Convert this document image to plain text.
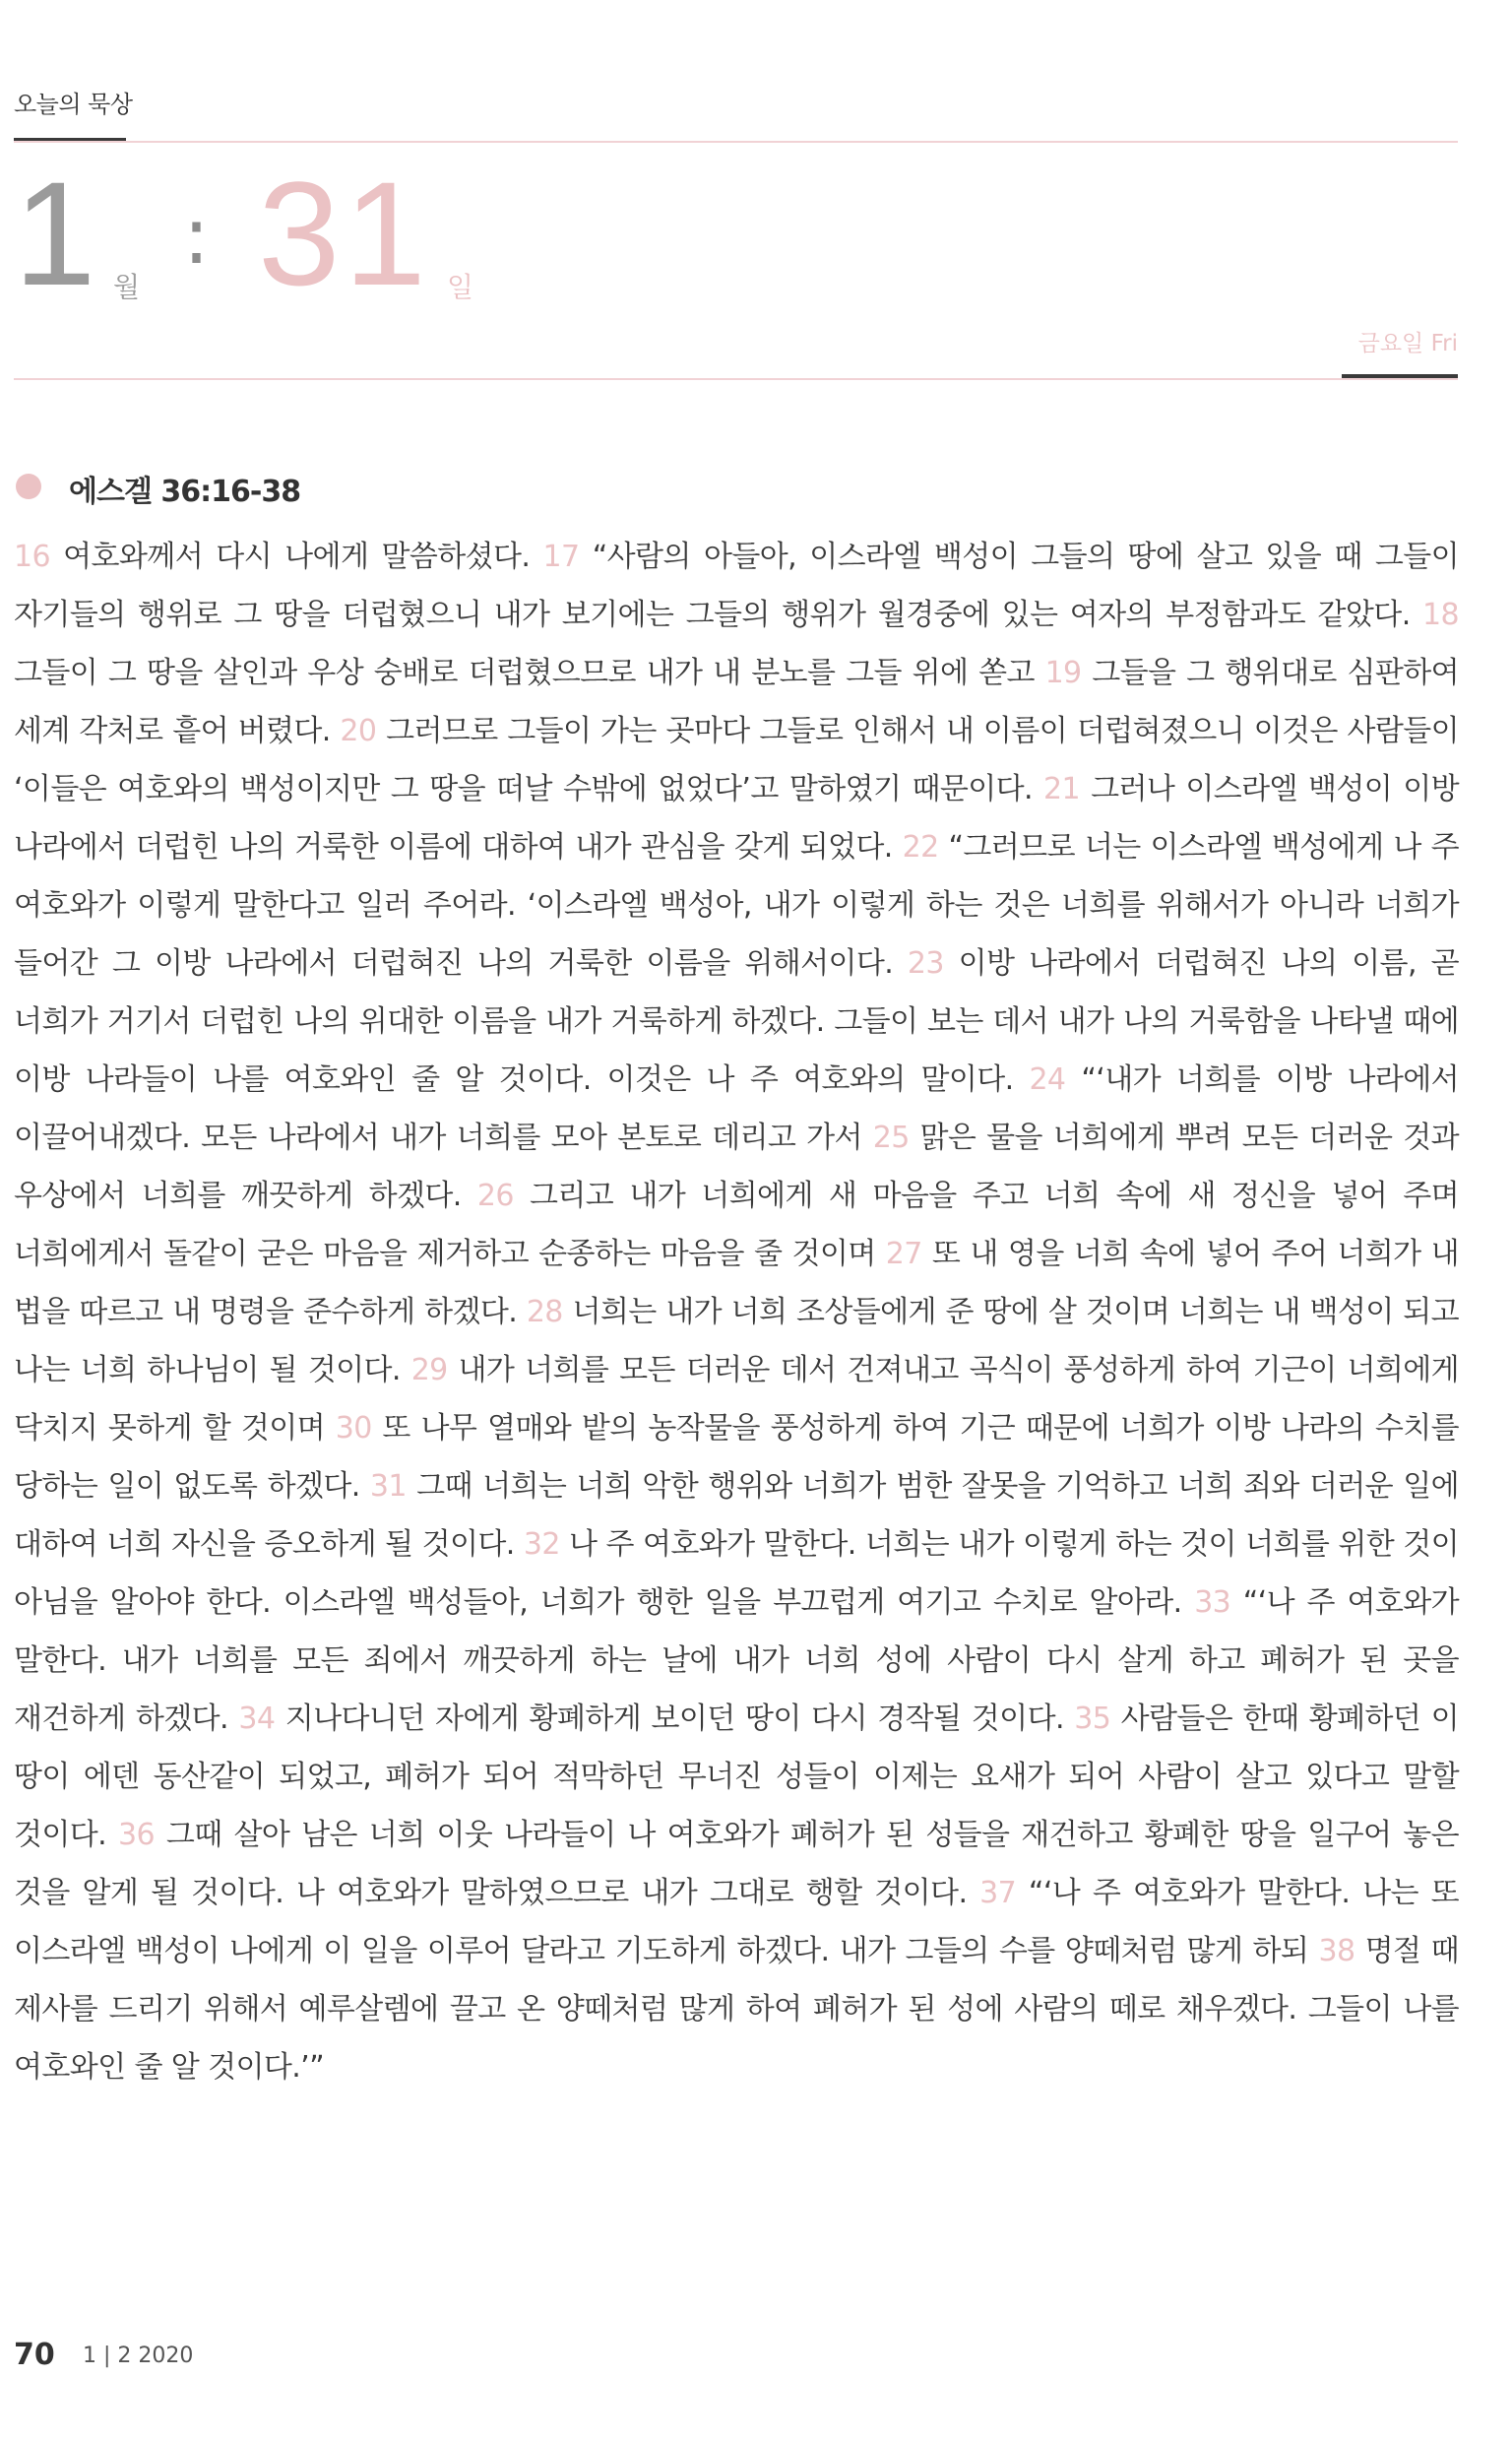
오늘의 묵상
1 월
: 31 일
금요일 Fri
에스겔 36:16-38
16 여호와께서 다시 나에게 말씀하셨다. 17 “사람의 아들아, 이스라엘 백성이 그들의 땅에 살고 있을 때 그들이 자기들의 행위로 그 땅을 더럽혔으니 내가 보기에는 그들의 행위가 월경중에 있는 여자의 부정함과도 같았다. 18 그들이 그 땅을 살인과 우상 숭배로 더럽혔으므로 내가 내 분노를 그들 위에 쏟고 19 그들을 그 행위대로 심판하여 세계 각처로 흩어 버렸다. 20 그러므로 그들이 가는 곳마다 그들로 인해서 내 이름이 더럽혀졌으니 이것은 사람들이 ‘이들은 여호와의 백성이지만 그 땅을 떠날 수밖에 없었다’고 말하였기 때문이다. 21 그러나 이스라엘 백성이 이방 나라에서 더럽힌 나의 거룩한 이름에 대하여 내가 관심을 갖게 되었다. 22 “그러므로 너는 이스라엘 백성에게 나 주 여호와가 이렇게 말한다고 일러 주어라. ‘이스라엘 백성아, 내가 이렇게 하는 것은 너희를 위해서가 아니라 너희가 들어간 그 이방 나라에서 더럽혀진 나의 거룩한 이름을 위해서이다. 23 이방 나라에서 더럽혀진 나의 이름, 곧 너희가 거기서 더럽힌 나의 위대한 이름을 내가 거룩하게 하겠다. 그들이 보는 데서 내가 나의 거룩함을 나타낼 때에 이방 나라들이 나를 여호와인 줄 알 것이다. 이것은 나 주 여호와의 말이다. 24 “‘내가 너희를 이방 나라에서 이끌어내겠다. 모든 나라에서 내가 너희를 모아 본토로 데리고 가서 25 맑은 물을 너희에게 뿌려 모든 더러운 것과 우상에서 너희를 깨끗하게 하겠다. 26 그리고 내가 너희에게 새 마음을 주고 너희 속에 새 정신을 넣어 주며 너희에게서 돌같이 굳은 마음을 제거하고 순종하는 마음을 줄 것이며 27 또 내 영을 너희 속에 넣어 주어 너희가 내 법을 따르고 내 명령을 준수하게 하겠다. 28 너희는 내가 너희 조상들에게 준 땅에 살 것이며 너희는 내 백성이 되고 나는 너희 하나님이 될 것이다. 29 내가 너희를 모든 더러운 데서 건져내고 곡식이 풍성하게 하여 기근이 너희에게 닥치지 못하게 할 것이며 30 또 나무 열매와 밭의 농작물을 풍성하게 하여 기근 때문에 너희가 이방 나라의 수치를 당하는 일이 없도록 하겠다. 31 그때 너희는 너희 악한 행위와 너희가 범한 잘못을 기억하고 너희 죄와 더러운 일에 대하여 너희 자신을 증오하게 될 것이다. 32 나 주 여호와가 말한다. 너희는 내가 이렇게 하는 것이 너희를 위한 것이 아님을 알아야 한다. 이스라엘 백성들아, 너희가 행한 일을 부끄럽게 여기고 수치로 알아라. 33 “‘나 주 여호와가 말한다. 내가 너희를 모든 죄에서 깨끗하게 하는 날에 내가 너희 성에 사람이 다시 살게 하고 폐허가 된 곳을 재건하게 하겠다. 34 지나다니던 자에게 황폐하게 보이던 땅이 다시 경작될 것이다. 35 사람들은 한때 황폐하던 이 땅이 에덴 동산같이 되었고, 폐허가 되어 적막하던 무너진 성들이 이제는 요새가 되어 사람이 살고 있다고 말할 것이다. 36 그때 살아 남은 너희 이웃 나라들이 나 여호와가 폐허가 된 성들을 재건하고 황폐한 땅을 일구어 놓은 것을 알게 될 것이다. 나 여호와가 말하였으므로 내가 그대로 행할 것이다. 37 “‘나 주 여호와가 말한다. 나는 또 이스라엘 백성이 나에게 이 일을 이루어 달라고 기도하게 하겠다. 내가 그들의 수를 양떼처럼 많게 하되 38 명절 때 제사를 드리기 위해서 예루살렘에 끌고 온 양떼처럼 많게 하여 폐허가 된 성에 사람의 떼로 채우겠다. 그들이 나를 여호와인 줄 알 것이다.’”
70 1 | 2 2020
